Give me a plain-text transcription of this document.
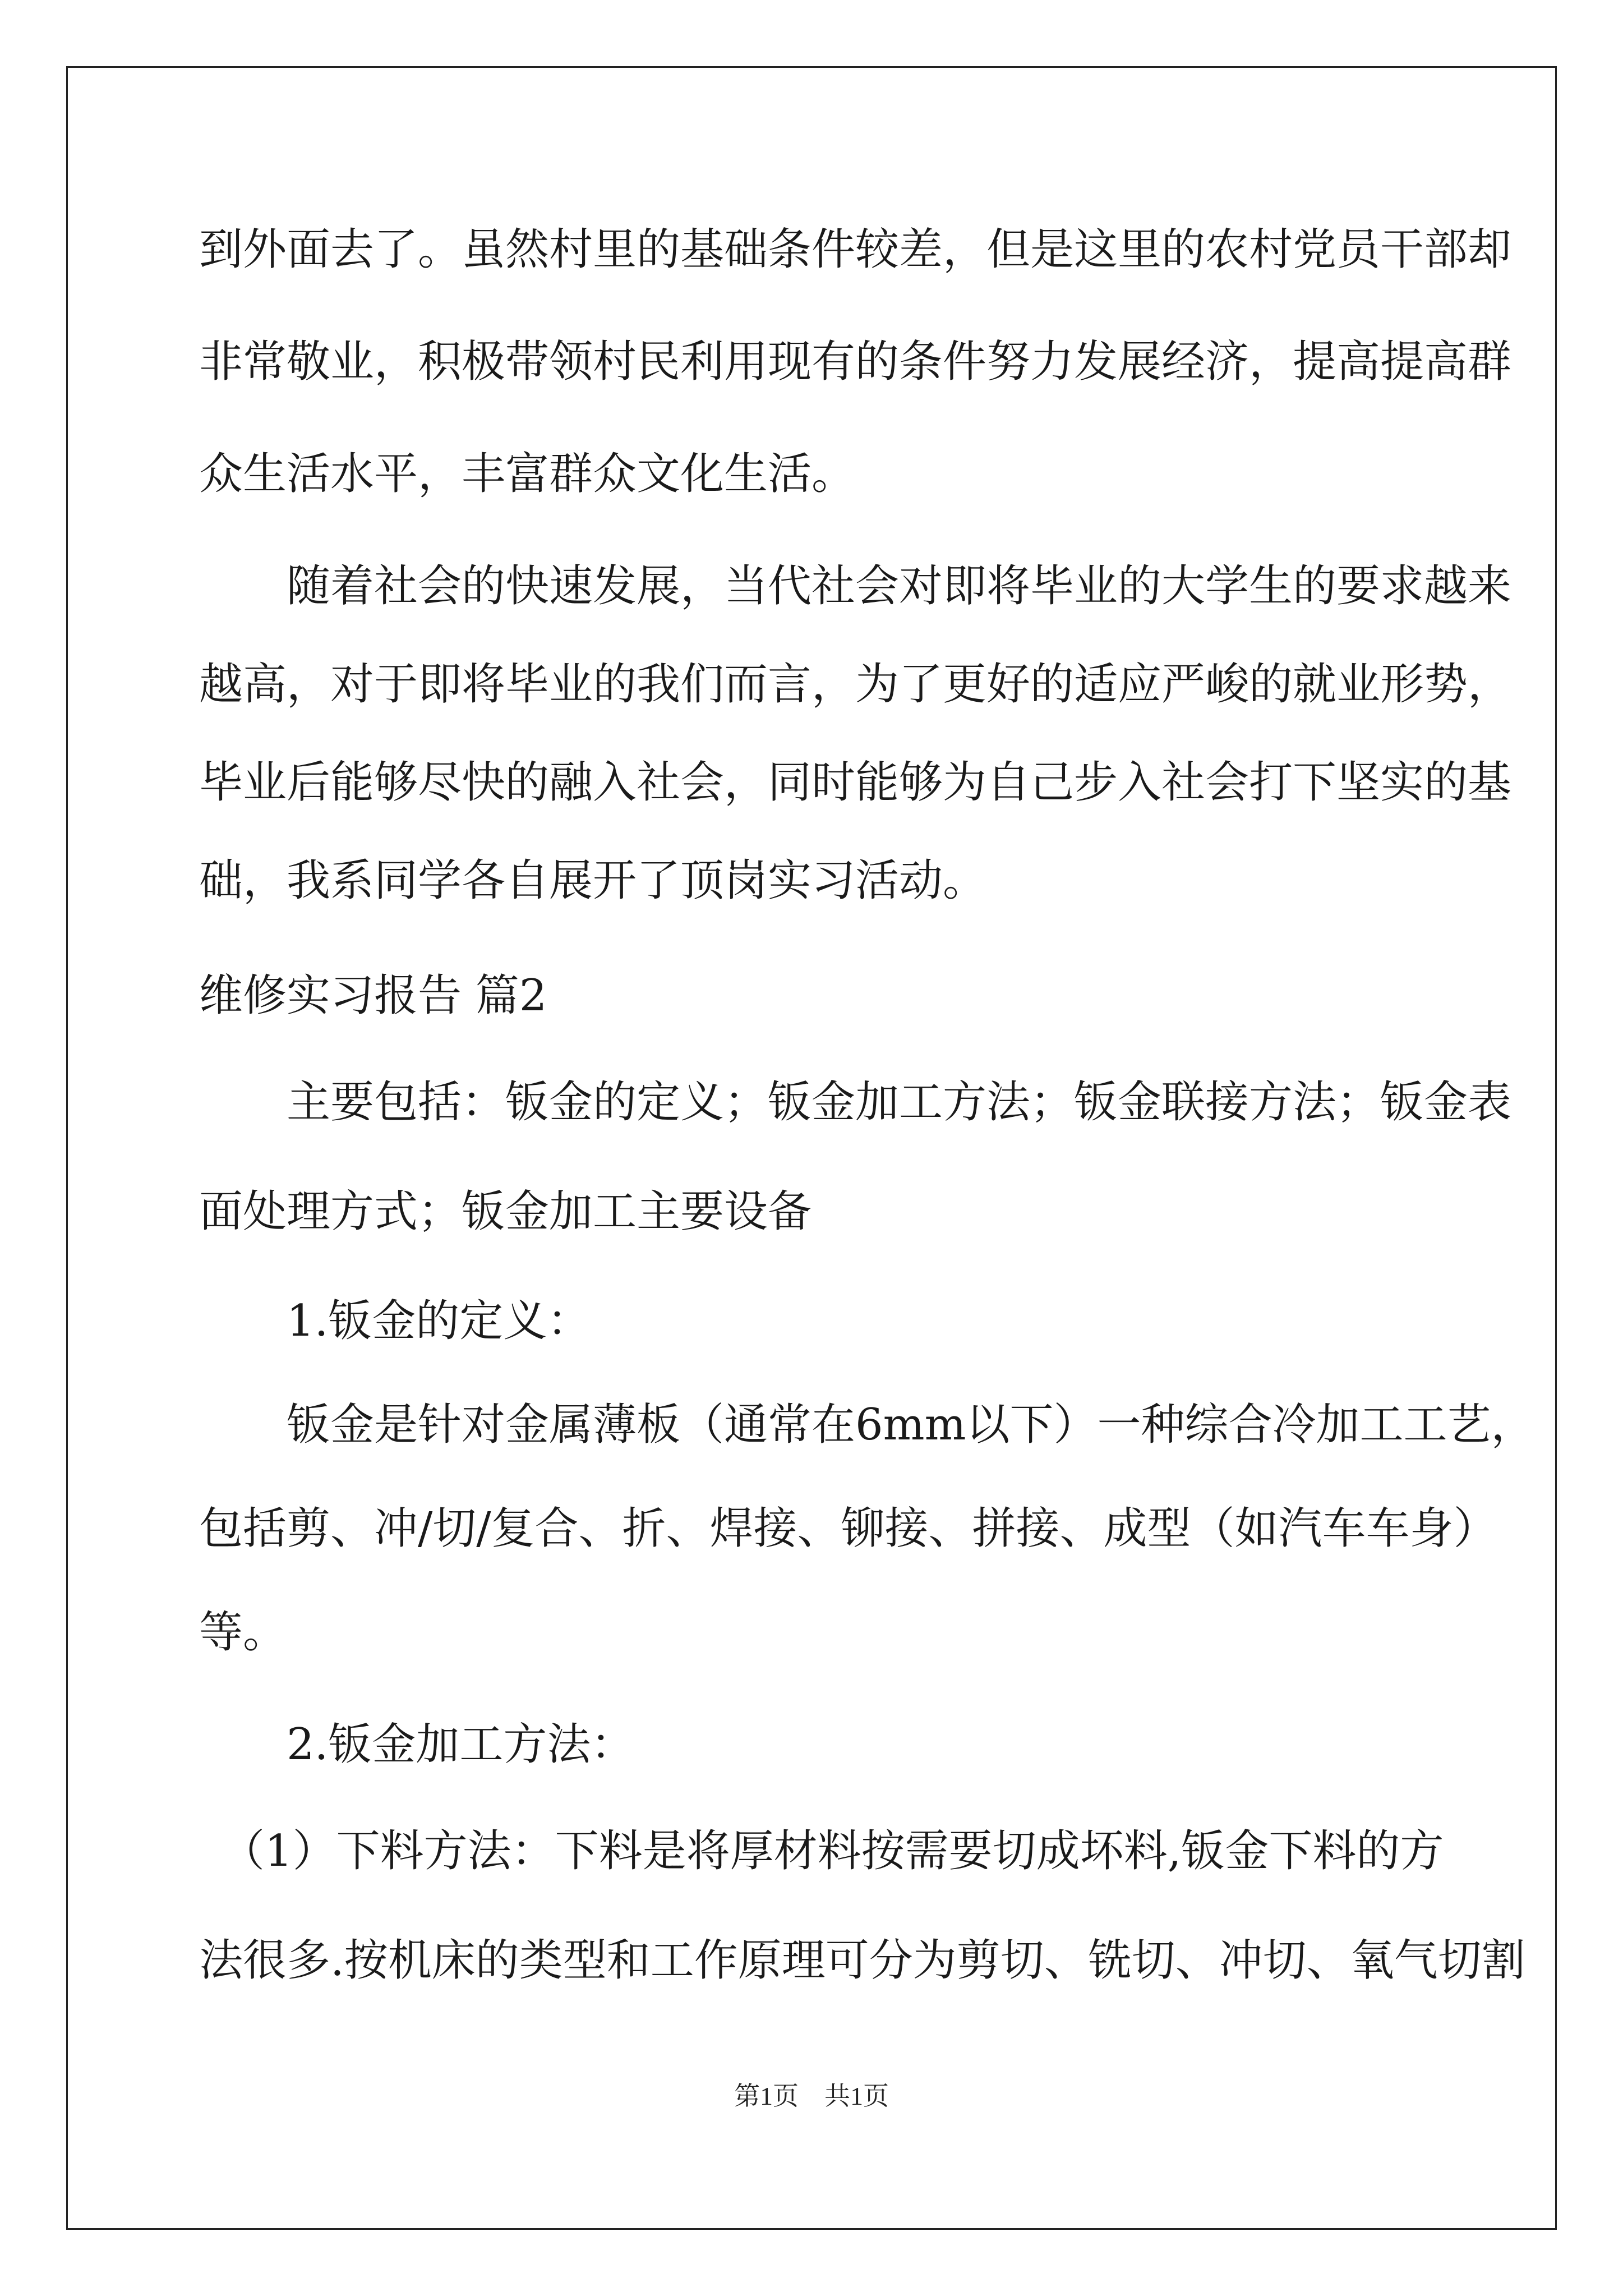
到外面去了。虽然村里的基础条件较差，但是这里的农村党员干部却
非常敬业，积极带领村民利用现有的条件努力发展经济，提高提高群
众生活水平，丰富群众文化生活。
　　随着社会的快速发展，当代社会对即将毕业的大学生的要求越来
越高，对于即将毕业的我们而言，为了更好的适应严峻的就业形势，
毕业后能够尽快的融入社会，同时能够为自己步入社会打下坚实的基
础，我系同学各自展开了顶岗实习活动。
维修实习报告 篇2
　　主要包括：钣金的定义；钣金加工方法；钣金联接方法；钣金表
面处理方式；钣金加工主要设备
　　1.钣金的定义：
　　钣金是针对金属薄板（通常在6mm以下）一种综合冷加工工艺，
包括剪、冲/切/复合、折、焊接、铆接、拼接、成型（如汽车车身）
等。
　　2.钣金加工方法：
　（1）下料方法：下料是将厚材料按需要切成坏料,钣金下料的方
法很多.按机床的类型和工作原理可分为剪切、铣切、冲切、氧气切割
第1页　共1页
